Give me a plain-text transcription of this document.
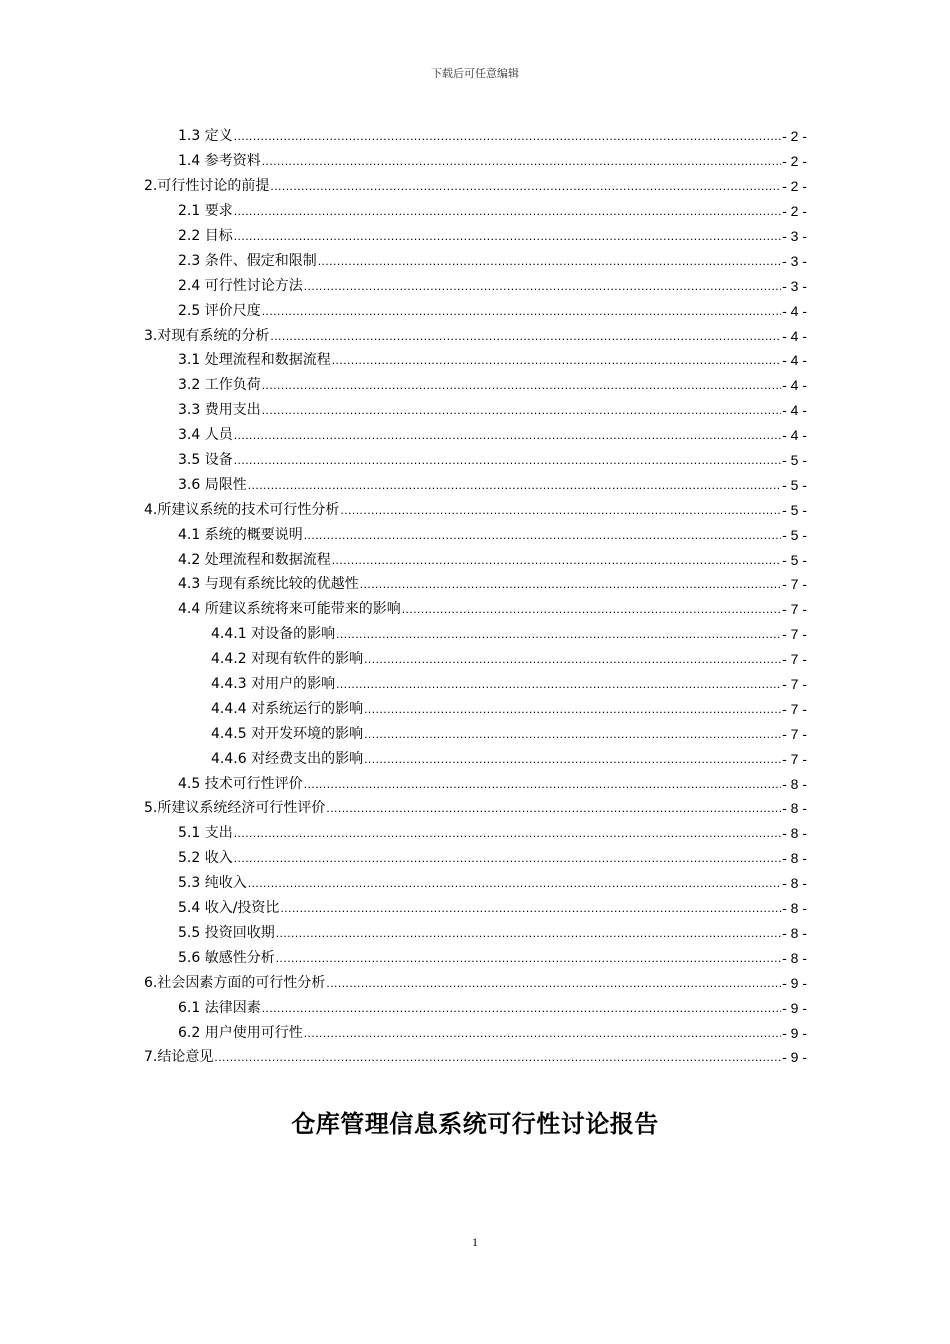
下载后可任意编辑
1.3 定义 .....	- 2 -
1.4 参考资料 .....	- 2 -
2.可行性讨论的前提 .....	- 2 -
2.1 要求 .....	- 2 -
2.2 目标 .....	- 3 -
2.3 条件、假定和限制 .....	- 3 -
2.4 可行性讨论方法 .....	- 3 -
2.5 评价尺度 .....	- 4 -
3.对现有系统的分析 .....	- 4 -
3.1 处理流程和数据流程 .....	- 4 -
3.2 工作负荷 .....	- 4 -
3.3 费用支出 .....	- 4 -
3.4 人员 .....	- 4 -
3.5 设备 .....	- 5 -
3.6 局限性 .....	- 5 -
4.所建议系统的技术可行性分析 .....	- 5 -
4.1 系统的概要说明 .....	- 5 -
4.2 处理流程和数据流程 .....	- 5 -
4.3 与现有系统比较的优越性 .....	- 7 -
4.4 所建议系统将来可能带来的影响 .....	- 7 -
4.4.1 对设备的影响 .....	- 7 -
4.4.2 对现有软件的影响 .....	- 7 -
4.4.3 对用户的影响 .....	- 7 -
4.4.4 对系统运行的影响 .....	- 7 -
4.4.5 对开发环境的影响 .....	- 7 -
4.4.6 对经费支出的影响 .....	- 7 -
4.5 技术可行性评价 .....	- 8 -
5.所建议系统经济可行性评价 .....	- 8 -
5.1 支出 .....	- 8 -
5.2 收入 .....	- 8 -
5.3 纯收入 .....	- 8 -
5.4 收入/投资比 .....	- 8 -
5.5 投资回收期 .....	- 8 -
5.6 敏感性分析 .....	- 8 -
6.社会因素方面的可行性分析 .....	- 9 -
6.1 法律因素 .....	- 9 -
6.2 用户使用可行性 .....	- 9 -
7.结论意见 .....	- 9 -
仓库管理信息系统可行性讨论报告
1
